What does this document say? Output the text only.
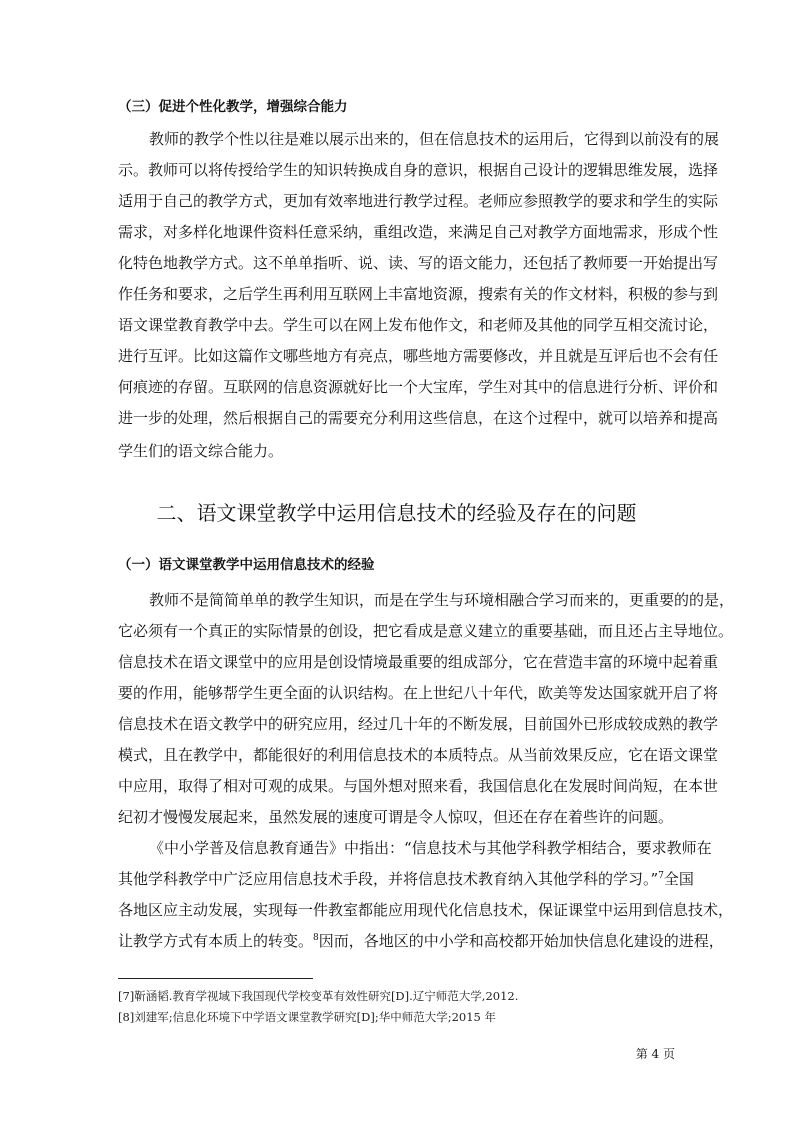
（三）促进个性化教学，增强综合能力
教师的教学个性以往是难以展示出来的，但在信息技术的运用后，它得到以前没有的展
示。教师可以将传授给学生的知识转换成自身的意识，根据自己设计的逻辑思维发展，选择
适用于自己的教学方式，更加有效率地进行教学过程。老师应参照教学的要求和学生的实际
需求，对多样化地课件资料任意采纳，重组改造，来满足自己对教学方面地需求，形成个性
化特色地教学方式。这不单单指听、说、读、写的语文能力，还包括了教师要一开始提出写
作任务和要求，之后学生再利用互联网上丰富地资源，搜索有关的作文材料，积极的参与到
语文课堂教育教学中去。学生可以在网上发布他作文，和老师及其他的同学互相交流讨论，
进行互评。比如这篇作文哪些地方有亮点，哪些地方需要修改，并且就是互评后也不会有任
何痕迹的存留。互联网的信息资源就好比一个大宝库，学生对其中的信息进行分析、评价和
进一步的处理，然后根据自己的需要充分利用这些信息，在这个过程中，就可以培养和提高
学生们的语文综合能力。
二、语文课堂教学中运用信息技术的经验及存在的问题
（一）语文课堂教学中运用信息技术的经验
教师不是简简单单的教学生知识，而是在学生与环境相融合学习而来的，更重要的的是，
它必须有一个真正的实际情景的创设，把它看成是意义建立的重要基础，而且还占主导地位。
信息技术在语文课堂中的应用是创设情境最重要的组成部分，它在营造丰富的环境中起着重
要的作用，能够帮学生更全面的认识结构。在上世纪八十年代，欧美等发达国家就开启了将
信息技术在语文教学中的研究应用，经过几十年的不断发展，目前国外已形成较成熟的教学
模式，且在教学中，都能很好的利用信息技术的本质特点。从当前效果反应，它在语文课堂
中应用，取得了相对可观的成果。与国外想对照来看，我国信息化在发展时间尚短，在本世
纪初才慢慢发展起来，虽然发展的速度可谓是令人惊叹，但还在存在着些许的问题。
《中小学普及信息教育通告》中指出：“信息技术与其他学科教学相结合，要求教师在
其他学科教学中广泛应用信息技术手段，并将信息技术教育纳入其他学科的学习。”$^7$全国
各地区应主动发展，实现每一件教室都能应用现代化信息技术，保证课堂中运用到信息技术，
让教学方式有本质上的转变。$^8$因而，各地区的中小学和高校都开始加快信息化建设的进程，
[7]靳涵韬.教育学视域下我国现代学校变革有效性研究[D].辽宁师范大学,2012.
[8]刘建军;信息化环境下中学语文课堂教学研究[D];华中师范大学;2015 年
第 4 页
